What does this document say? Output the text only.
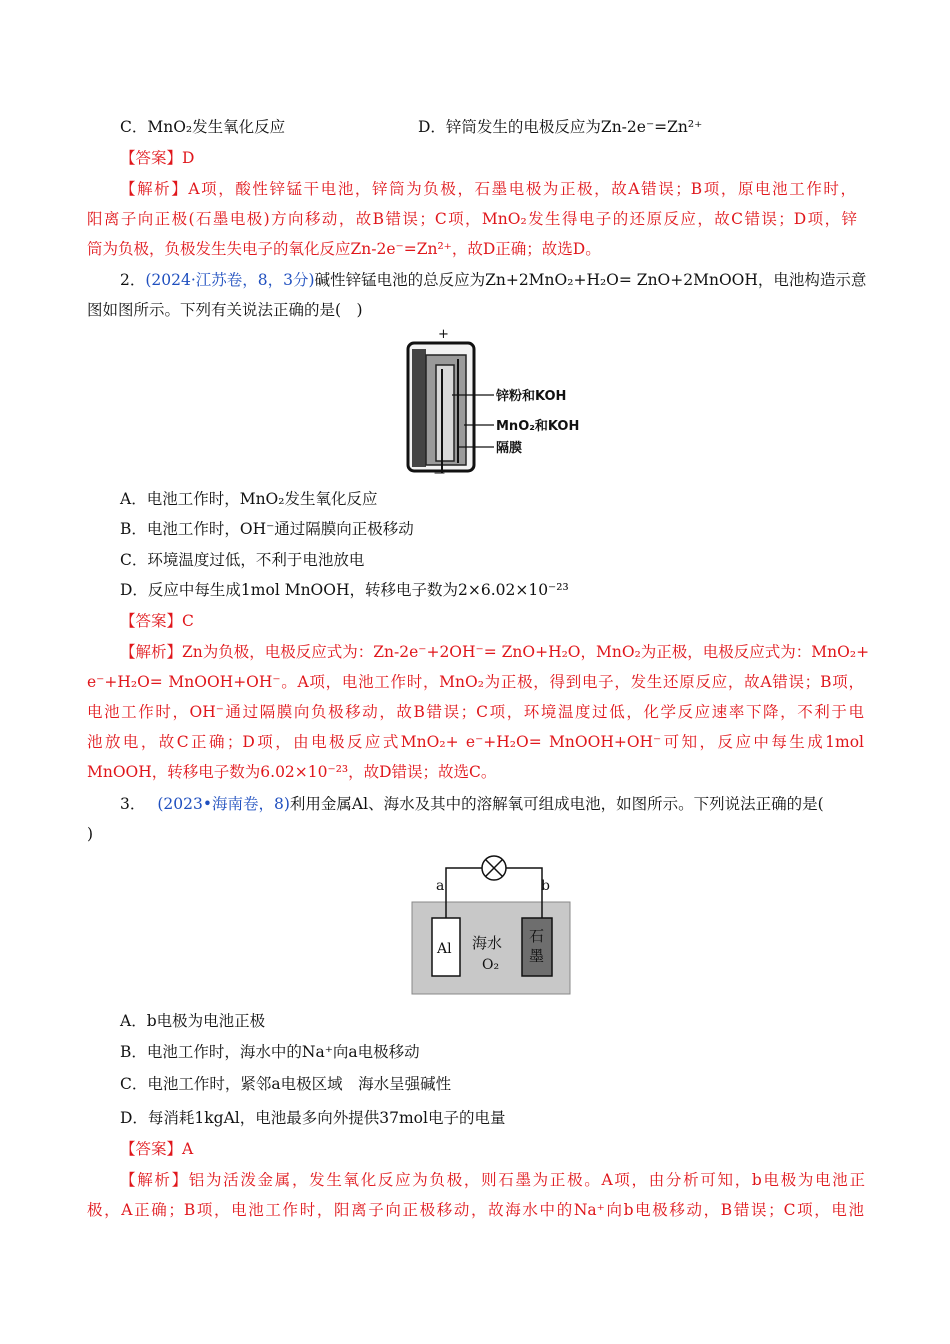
C．MnO₂发生氧化反应	D．锌筒发生的电极反应为Zn-2e⁻=Zn²⁺
【答案】D
【解析】A项，酸性锌锰干电池，锌筒为负极，石墨电极为正极，故A错误；B项，原电池工作时，
阳离子向正极(石墨电极)方向移动，故B错误；C项，MnO₂发生得电子的还原反应，故C错误；D项，锌
筒为负极，负极发生失电子的氧化反应Zn-2e⁻=Zn²⁺，故D正确；故选D。
2．(2024·江苏卷，8，3分)碱性锌锰电池的总反应为Zn+2MnO₂+H₂O= ZnO+2MnOOH，电池构造示意
图如图所示。下列有关说法正确的是(　)
+
—
锌粉和KOH
MnO₂和KOH
隔膜
A．电池工作时，MnO₂发生氧化反应
B．电池工作时，OH⁻通过隔膜向正极移动
C．环境温度过低，不利于电池放电
D．反应中每生成1mol MnOOH，转移电子数为2×6.02×10⁻²³
【答案】C
【解析】Zn为负极，电极反应式为：Zn-2e⁻+2OH⁻= ZnO+H₂O，MnO₂为正极，电极反应式为：MnO₂+
e⁻+H₂O= MnOOH+OH⁻。A项，电池工作时，MnO₂为正极，得到电子，发生还原反应，故A错误；B项，
电池工作时，OH⁻通过隔膜向负极移动，故B错误；C项，环境温度过低，化学反应速率下降，不利于电
池放电，故C正确；D项，由电极反应式MnO₂+ e⁻+H₂O= MnOOH+OH⁻可知，反应中每生成1mol
MnOOH，转移电子数为6.02×10⁻²³，故D错误；故选C。
3． (2023•海南卷，8)利用金属Al、海水及其中的溶解氧可组成电池，如图所示。下列说法正确的是(
)
a	b
Al 海水
O₂
石
墨
A．b电极为电池正极
B．电池工作时，海水中的Na⁺向a电极移动
C．电池工作时，紧邻a电极区域　海水呈强碱性
D．每消耗1kgAl，电池最多向外提供37mol电子的电量
【答案】A
【解析】铝为活泼金属，发生氧化反应为负极，则石墨为正极。A项，由分析可知，b电极为电池正
极，A正确；B项，电池工作时，阳离子向正极移动，故海水中的Na⁺向b电极移动，B错误；C项，电池
